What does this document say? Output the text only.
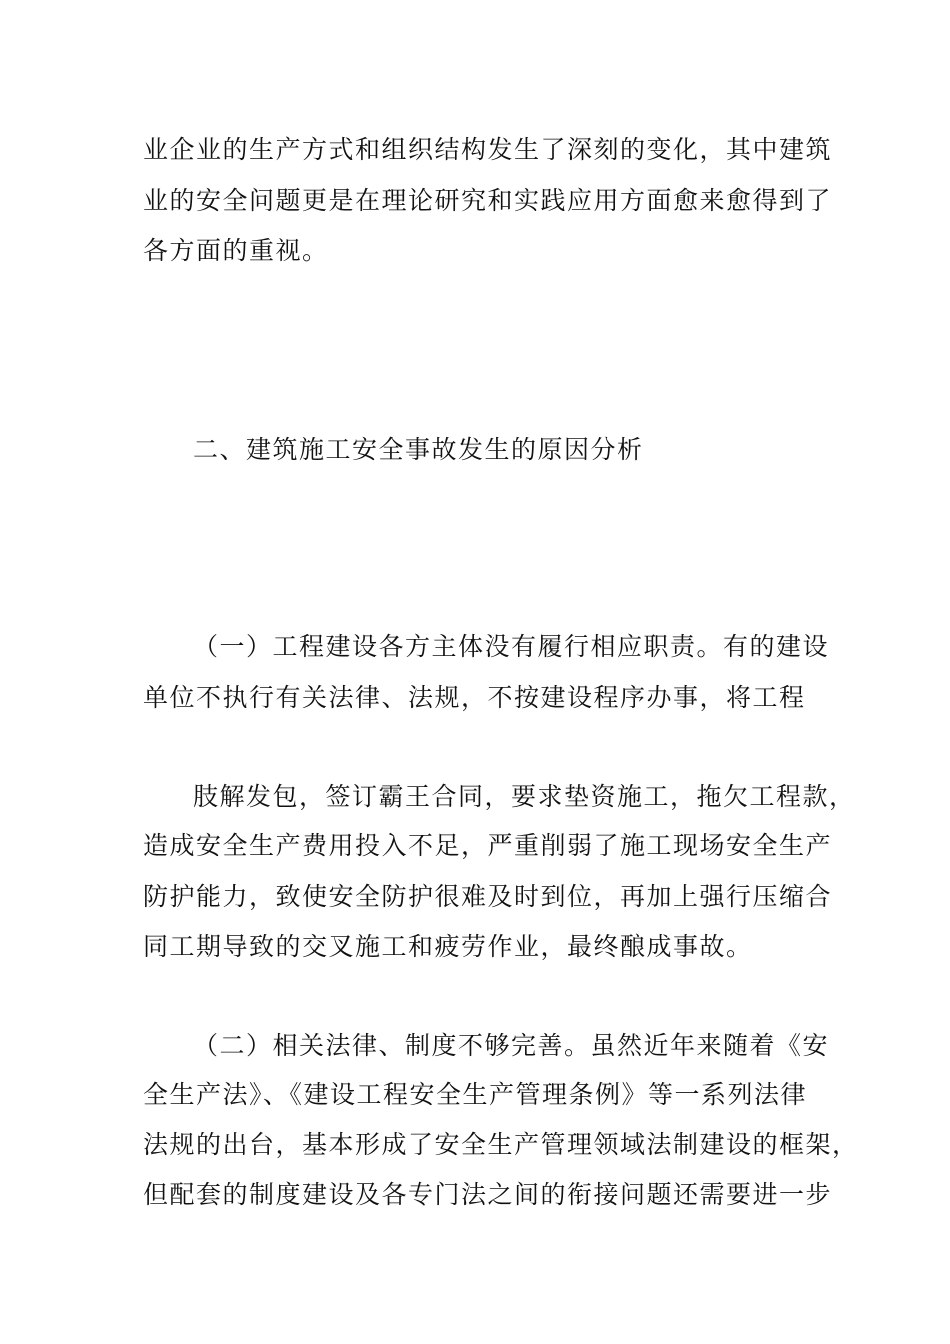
业企业的生产方式和组织结构发生了深刻的变化，其中建筑
业的安全问题更是在理论研究和实践应用方面愈来愈得到了
各方面的重视。
二、建筑施工安全事故发生的原因分析
（一）工程建设各方主体没有履行相应职责。有的建设
单位不执行有关法律、法规，不按建设程序办事，将工程
肢解发包，签订霸王合同，要求垫资施工，拖欠工程款，
造成安全生产费用投入不足，严重削弱了施工现场安全生产
防护能力，致使安全防护很难及时到位，再加上强行压缩合
同工期导致的交叉施工和疲劳作业，最终酿成事故。
（二）相关法律、制度不够完善。虽然近年来随着《安
全生产法》、《建设工程安全生产管理条例》等一系列法律
法规的出台，基本形成了安全生产管理领域法制建设的框架，
但配套的制度建设及各专门法之间的衔接问题还需要进一步
